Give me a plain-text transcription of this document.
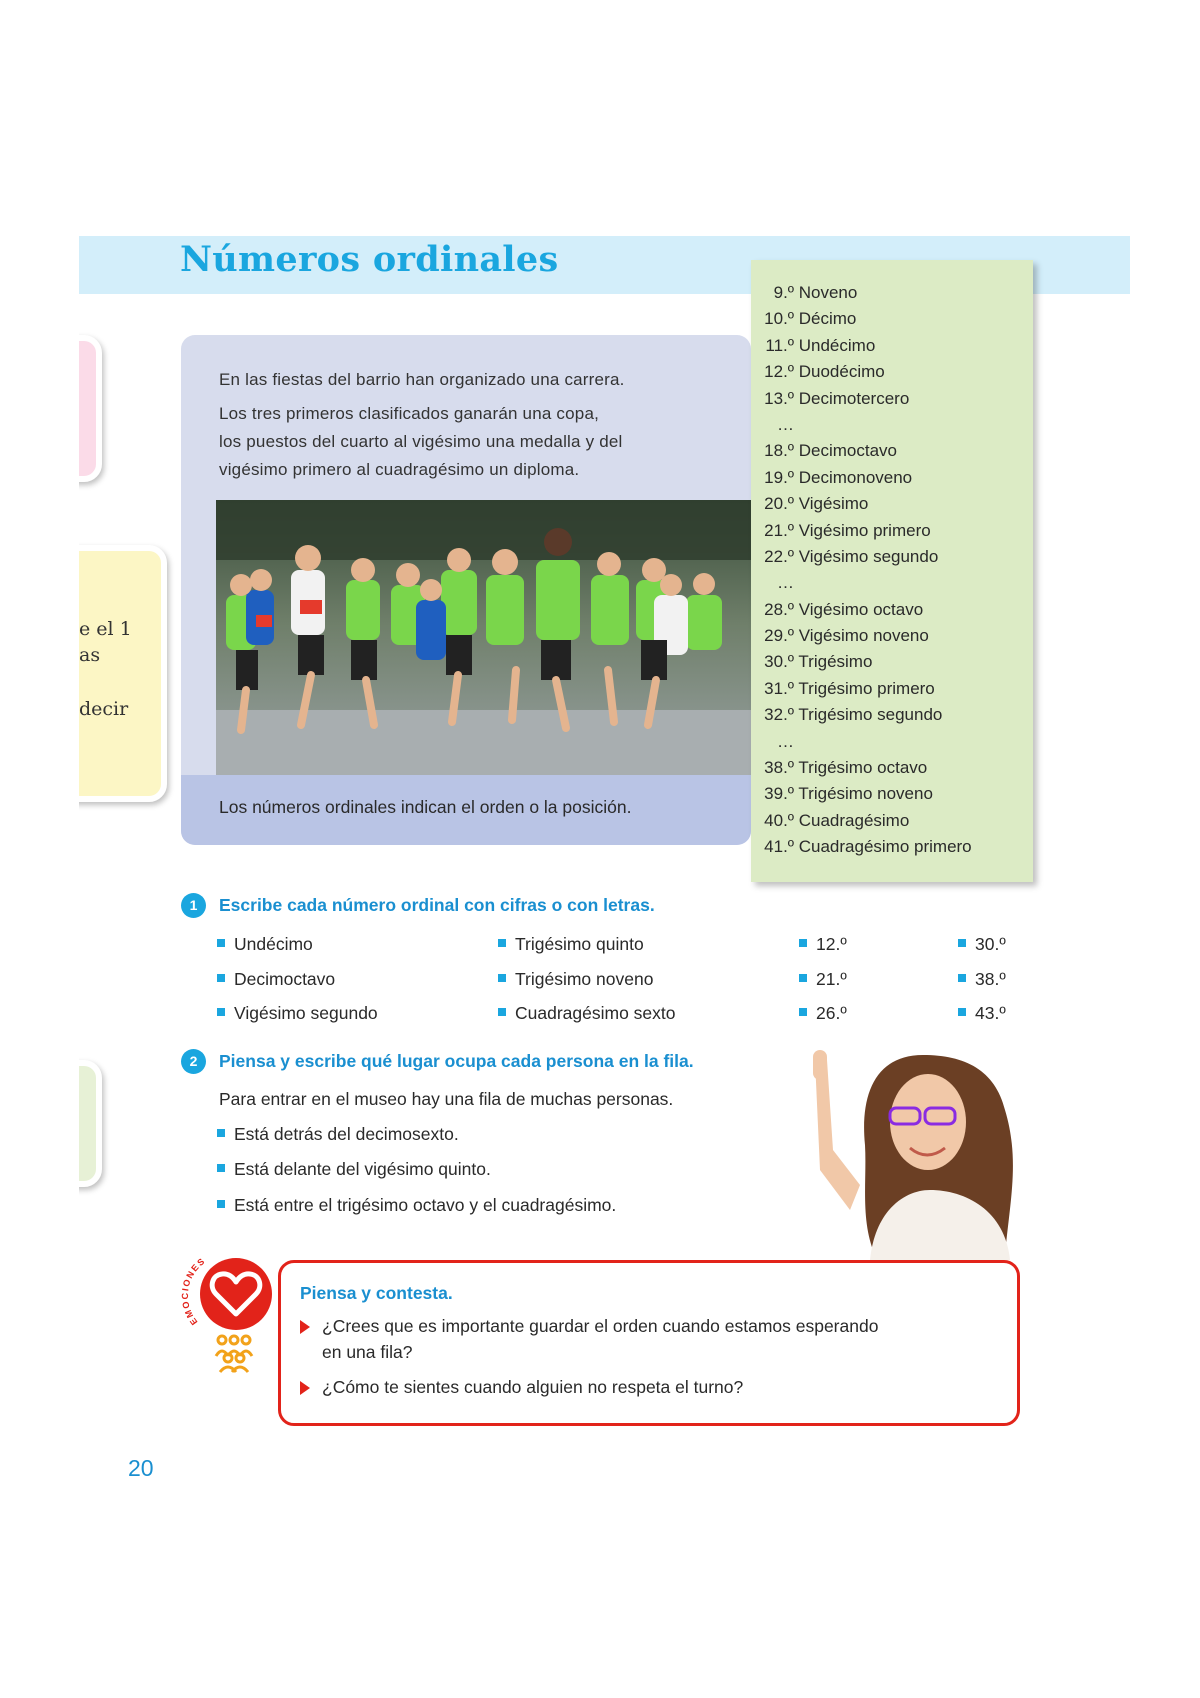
e el 1
as
decir
Números ordinales
En las fiestas del barrio han organizado una carrera.
Los tres primeros clasificados ganarán una copa,
los puestos del cuarto al vigésimo una medalla y del
vigésimo primero al cuadragésimo un diploma.
Los números ordinales indican el orden o la posición.
9.º Noveno
10.º Décimo
11.º Undécimo
12.º Duodécimo
13.º Decimotercero
…
18.º Decimoctavo
19.º Decimonoveno
20.º Vigésimo
21.º Vigésimo primero
22.º Vigésimo segundo
…
28.º Vigésimo octavo
29.º Vigésimo noveno
30.º Trigésimo
31.º Trigésimo primero
32.º Trigésimo segundo
…
38.º Trigésimo octavo
39.º Trigésimo noveno
40.º Cuadragésimo
41.º Cuadragésimo primero
1	Escribe cada número ordinal con cifras o con letras.
Undécimo
Decimoctavo
Vigésimo segundo
Trigésimo quinto
Trigésimo noveno
Cuadragésimo sexto
12.º
21.º
26.º
30.º
38.º
43.º
2	Piensa y escribe qué lugar ocupa cada persona en la fila.
Para entrar en el museo hay una fila de muchas personas.
Está detrás del decimosexto.
Está delante del vigésimo quinto.
Está entre el trigésimo octavo y el cuadragésimo.
EMOCIONES
Piensa y contesta.
¿Crees que es importante guardar el orden cuando estamos esperando
en una fila?
¿Cómo te sientes cuando alguien no respeta el turno?
20
